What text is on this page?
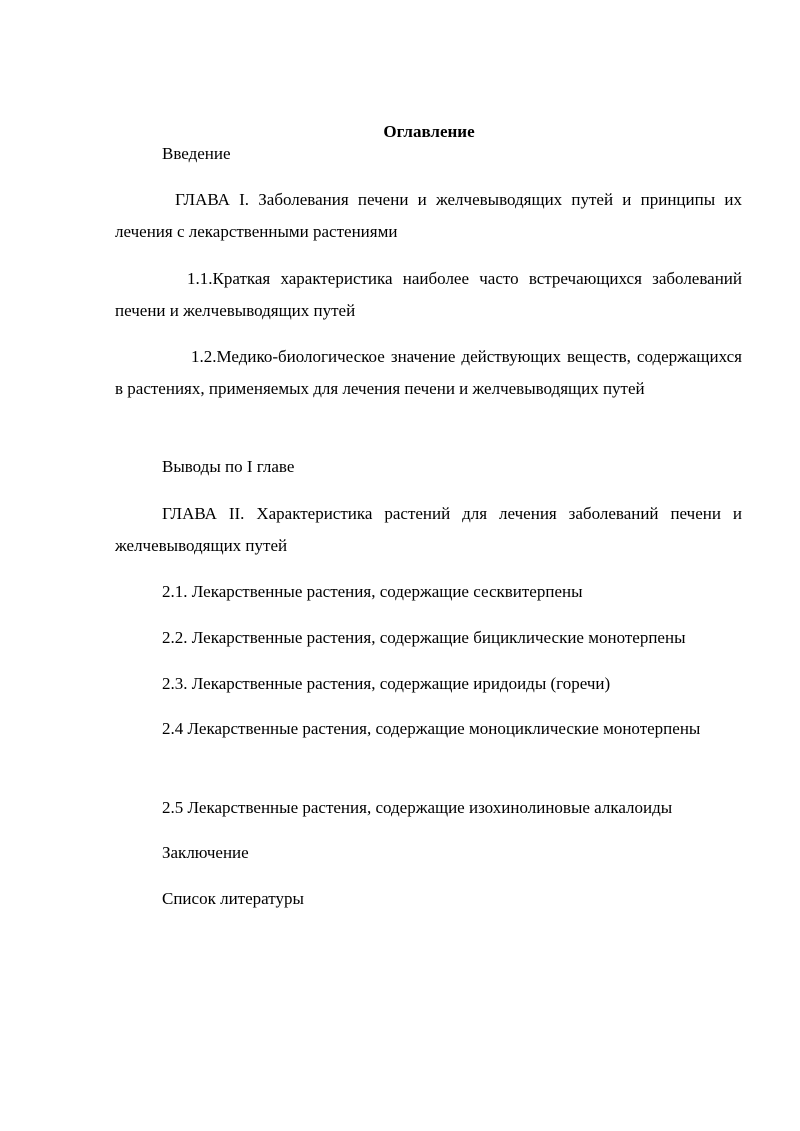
Оглавление

Введение

ГЛАВА I. Заболевания печени и желчевыводящих путей и принципы их лечения с лекарственными растениями

1.1.Краткая характеристика наиболее часто встречающихся заболеваний печени и желчевыводящих путей

1.2.Медико-биологическое значение действующих веществ, содержащихся в растениях, применяемых для лечения печени и желчевыводящих путей

Выводы по I главе

ГЛАВА II. Характеристика растений для лечения заболеваний печени и желчевыводящих путей

2.1. Лекарственные растения, содержащие сесквитерпены

2.2. Лекарственные растения, содержащие бициклические монотерпены

2.3. Лекарственные растения, содержащие иридоиды (горечи)

2.4 Лекарственные растения, содержащие моноциклические монотерпены

2.5 Лекарственные растения, содержащие изохинолиновые алкалоиды

Заключение

Список литературы
